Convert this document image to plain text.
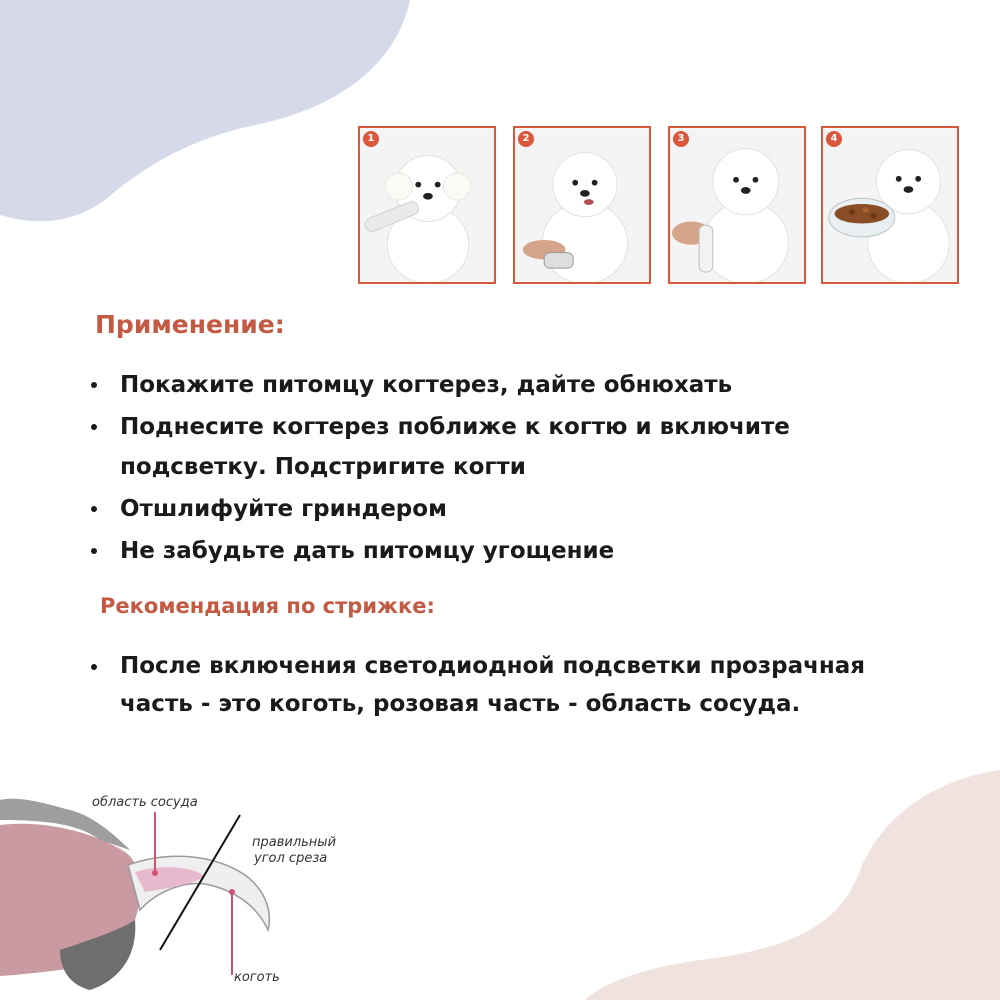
1	2	3	4
Применение:
Покажите питомцу когтерез, дайте обнюхать
Поднесите когтерез поближе к когтю и включите подсветку. Подстригите когти
Отшлифуйте гриндером
Не забудьте дать питомцу угощение
Рекомендация по стрижке:
После включения светодиодной подсветки прозрачная часть - это коготь, розовая часть - область сосуда.
область сосуда
правильный
угол среза
коготь
